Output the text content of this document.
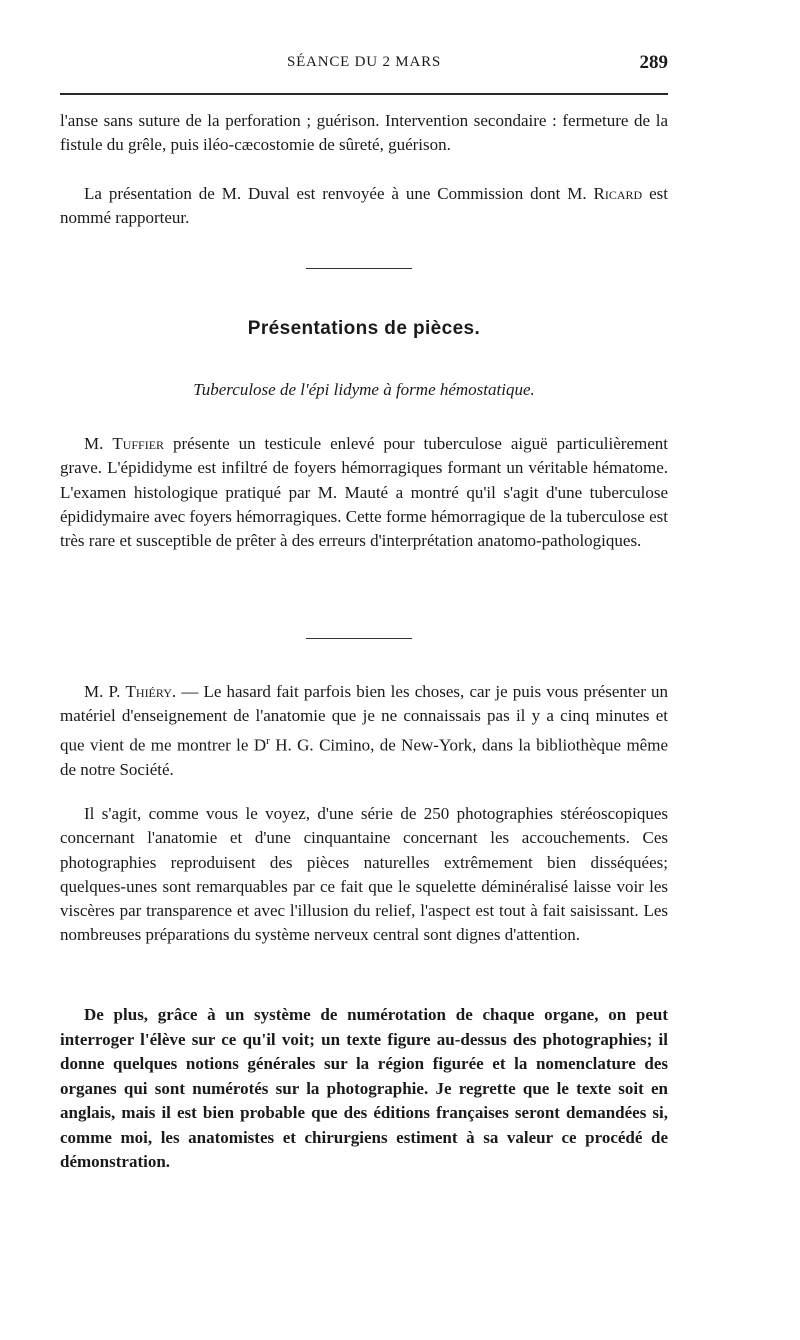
SÉANCE DU 2 MARS	289

l'anse sans suture de la perforation ; guérison. Intervention secondaire : fermeture de la fistule du grêle, puis iléo-cæcostomie de sûreté, guérison.

La présentation de M. Duval est renvoyée à une Commission dont M. Ricard est nommé rapporteur.

Présentations de pièces.
Tuberculose de l'épi lidyme à forme hémostatique.

M. Tuffier présente un testicule enlevé pour tuberculose aiguë particulièrement grave. L'épididyme est infiltré de foyers hémorragiques formant un véritable hématome. L'examen histologique pratiqué par M. Mauté a montré qu'il s'agit d'une tuberculose épididymaire avec foyers hémorragiques. Cette forme hémorragique de la tuberculose est très rare et susceptible de prêter à des erreurs d'interprétation anatomo-pathologiques.

M. P. Thiéry. — Le hasard fait parfois bien les choses, car je puis vous présenter un matériel d'enseignement de l'anatomie que je ne connaissais pas il y a cinq minutes et que vient de me montrer le $D^r$ H. G. Cimino, de New-York, dans la bibliothèque même de notre Société.

Il s'agit, comme vous le voyez, d'une série de 250 photographies stéréoscopiques concernant l'anatomie et d'une cinquantaine concernant les accouchements. Ces photographies reproduisent des pièces naturelles extrêmement bien disséquées; quelques-unes sont remarquables par ce fait que le squelette déminéralisé laisse voir les viscères par transparence et avec l'illusion du relief, l'aspect est tout à fait saisissant. Les nombreuses préparations du système nerveux central sont dignes d'attention.

De plus, grâce à un système de numérotation de chaque organe, on peut interroger l'élève sur ce qu'il voit; un texte figure au-dessus des photographies; il donne quelques notions générales sur la région figurée et la nomenclature des organes qui sont numérotés sur la photographie. Je regrette que le texte soit en anglais, mais il est bien probable que des éditions françaises seront demandées si, comme moi, les anatomistes et chirurgiens estiment à sa valeur ce procédé de démonstration.
